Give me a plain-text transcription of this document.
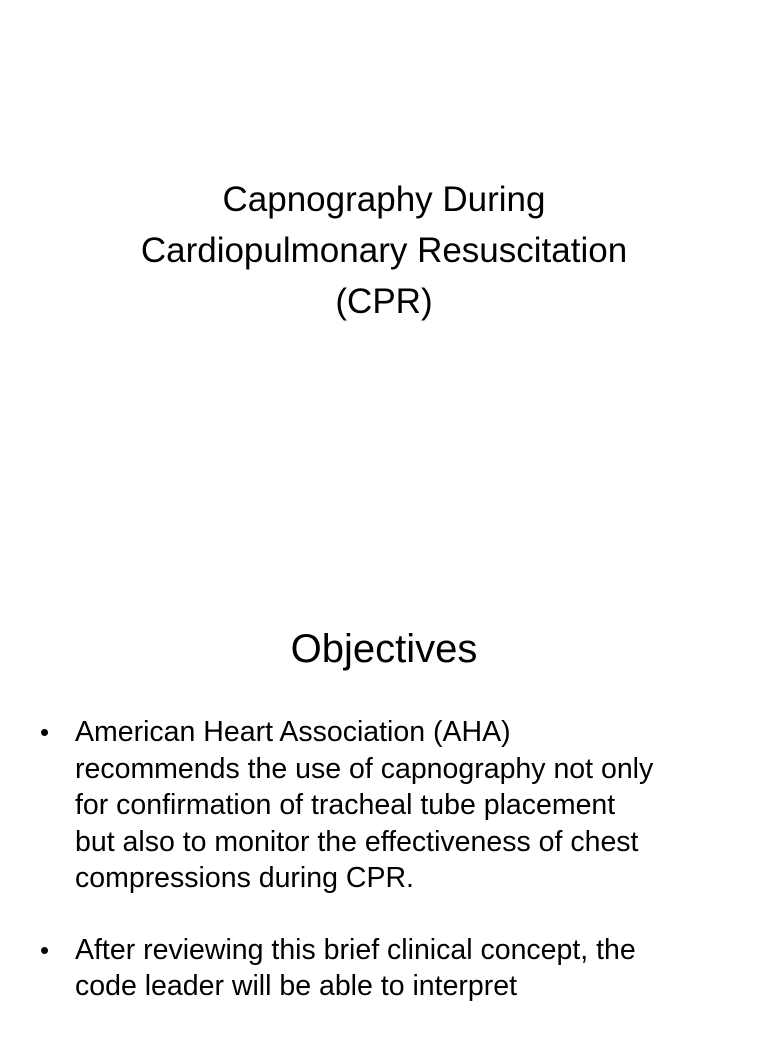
Capnography During
Cardiopulmonary Resuscitation
(CPR)
Objectives
• American Heart Association (AHA)
recommends the use of capnography not only
for confirmation of tracheal tube placement
but also to monitor the effectiveness of chest
compressions during CPR.
• After reviewing this brief clinical concept, the
code leader will be able to interpret
